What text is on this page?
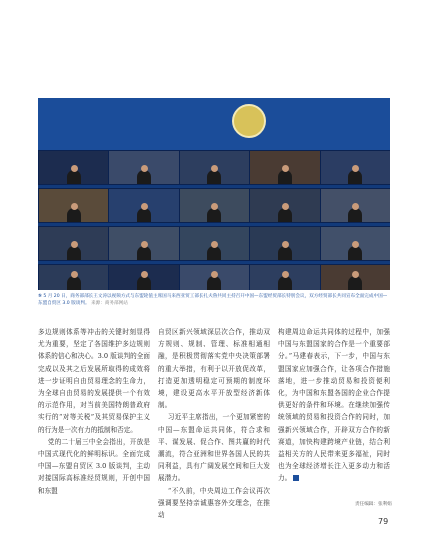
⑤ 5 月 20 日，商务部部长王文涛以视频方式与东盟轮值主席国马来西亚贸工部长扎夫鲁共同主持召开中国—东盟经贸部长特别会议，双方经贸部长共同宣布全面完成中国—东盟自贸区 3.0 版谈判。 来源：商务部网站

多边规则体系等冲击的关键时刻显得尤为重要，坚定了各国维护多边规则体系的信心和决心。3.0 版谈判的全面完成以及其之后发展所取得的成效将进一步证明自由贸易理念的生命力，为全球自由贸易的发展提供一个有效的示范作用，对当前美国特朗普政府实行的“对等关税”及其贸易保护主义的行为是一次有力的抵制和否定。

党的二十届三中全会指出，开放是中国式现代化的鲜明标识。全面完成中国—东盟自贸区 3.0 版谈判，主动对接国际高标准经贸规则，开创中国和东盟

自贸区新兴领域深层次合作，推动双方规则、规制、管理、标准相通相融，是积极贯彻落实党中央决策部署的重大举措，有利于以开放促改革，打造更加透明稳定可预期的制度环境，建设更高水平开放型经济新体制。

习近平主席指出，一个更加紧密的中国—东盟命运共同体，符合求和平、谋发展、促合作、图共赢的时代潮流，符合亚洲和世界各国人民的共同利益，具有广阔发展空间和巨大发展潜力。

“不久前，中央周边工作会议再次强调要坚持亲诚惠容外交理念，在推动

构建周边命运共同体的过程中，加强中国与东盟国家的合作是一个重要部分。”马建春表示，下一步，中国与东盟国家应加强合作，让各项合作措施落地，进一步推动贸易和投资便利化，为中国和东盟各国的企业合作提供更好的条件和环境。在继续加强传统领域的贸易和投资合作的同时，加强新兴领域合作，开辟双方合作的新赛道，加快构建跨境产业链，结合利益相关方的人民带来更多福祉，同时也为全球经济增长注入更多动力和活力。

责任编辑：张利娟
79
